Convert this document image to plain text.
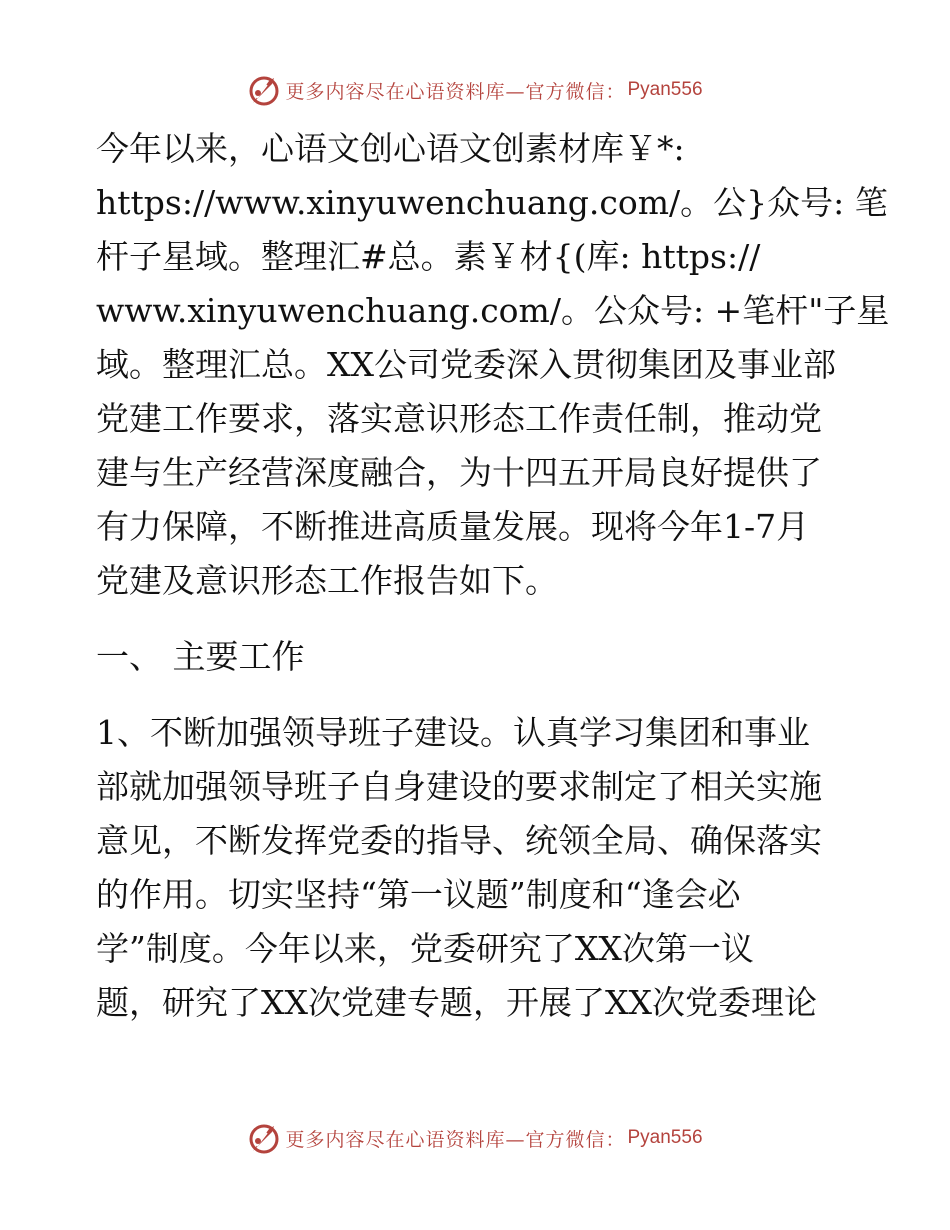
更多内容尽在心语资料库—官方微信： Pyan556
今年以来，心语文创心语文创素材库￥*:
https://www.xinyuwenchuang.com/。公}众号: 笔
杆子星域。整理汇#总。素￥材{(库: https://
www.xinyuwenchuang.com/。公众号: +笔杆"子星
域。整理汇总。XX公司党委深入贯彻集团及事业部
党建工作要求，落实意识形态工作责任制，推动党
建与生产经营深度融合，为十四五开局良好提供了
有力保障，不断推进高质量发展。现将今年1-7月
党建及意识形态工作报告如下。
一、 主要工作
1、不断加强领导班子建设。认真学习集团和事业
部就加强领导班子自身建设的要求制定了相关实施
意见，不断发挥党委的指导、统领全局、确保落实
的作用。切实坚持“第一议题”制度和“逢会必
学”制度。今年以来，党委研究了XX次第一议
题，研究了XX次党建专题，开展了XX次党委理论
更多内容尽在心语资料库—官方微信： Pyan556
